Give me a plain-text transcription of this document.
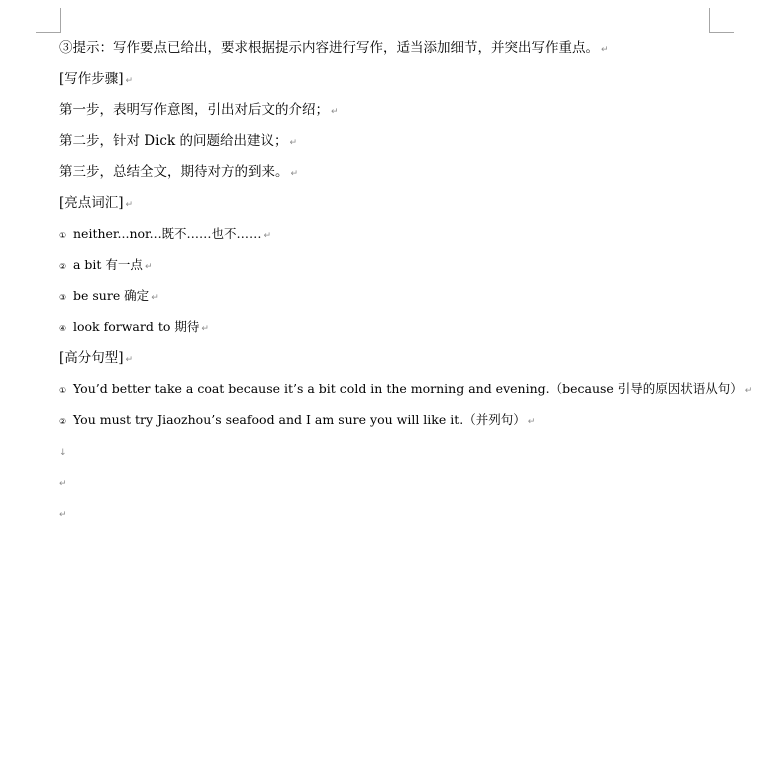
③提示：写作要点已给出，要求根据提示内容进行写作，适当添加细节，并突出写作重点。 ↵
[写作步骤] ↵
第一步，表明写作意图，引出对后文的介绍； ↵
第二步，针对 Dick 的问题给出建议； ↵
第三步，总结全文，期待对方的到来。 ↵
[亮点词汇] ↵
① neither...nor...既不……也不…… ↵
② a bit 有一点 ↵
③ be sure 确定 ↵
④ look forward to 期待 ↵
[高分句型] ↵
① You’d better take a coat because it’s a bit cold in the morning and evening.（because 引导的原因状语从句） ↵
② You must try Jiaozhou’s seafood and I am sure you will like it.（并列句） ↵
↓
↵
↵
